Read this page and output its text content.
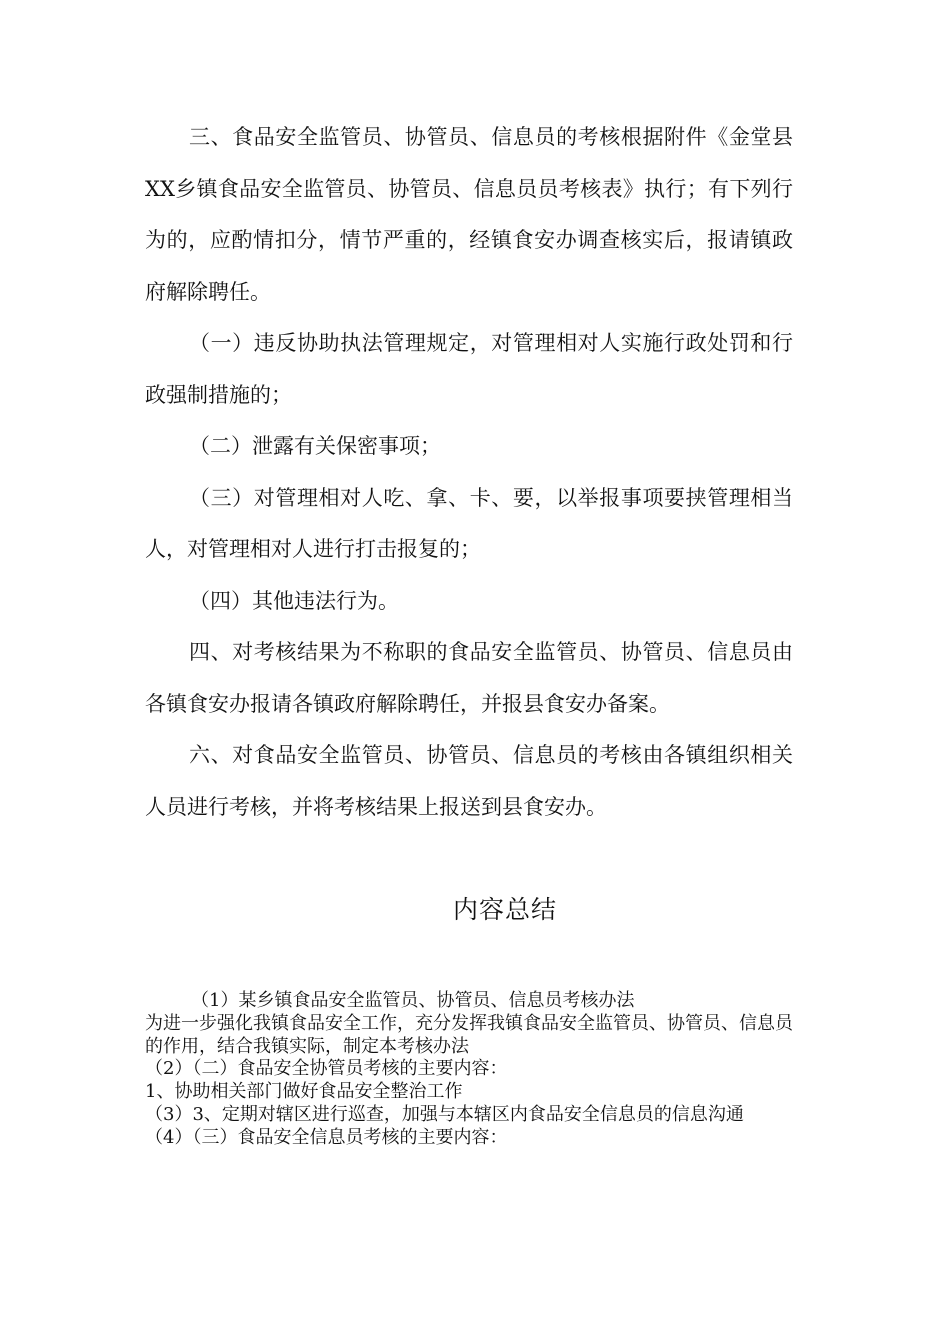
三、食品安全监管员、协管员、信息员的考核根据附件《金堂县XX乡镇食品安全监管员、协管员、信息员员考核表》执行；有下列行为的，应酌情扣分，情节严重的，经镇食安办调查核实后，报请镇政府解除聘任。

（一）违反协助执法管理规定，对管理相对人实施行政处罚和行政强制措施的；

（二）泄露有关保密事项；

（三）对管理相对人吃、拿、卡、要，以举报事项要挟管理相当人，对管理相对人进行打击报复的；

（四）其他违法行为。

四、对考核结果为不称职的食品安全监管员、协管员、信息员由各镇食安办报请各镇政府解除聘任，并报县食安办备案。

六、对食品安全监管员、协管员、信息员的考核由各镇组织相关人员进行考核，并将考核结果上报送到县食安办。

内容总结

（1）某乡镇食品安全监管员、协管员、信息员考核办法

为进一步强化我镇食品安全工作，充分发挥我镇食品安全监管员、协管员、信息员的作用，结合我镇实际，制定本考核办法

（2）（二）食品安全协管员考核的主要内容：

1、协助相关部门做好食品安全整治工作

（3）3、定期对辖区进行巡查，加强与本辖区内食品安全信息员的信息沟通

（4）（三）食品安全信息员考核的主要内容：
